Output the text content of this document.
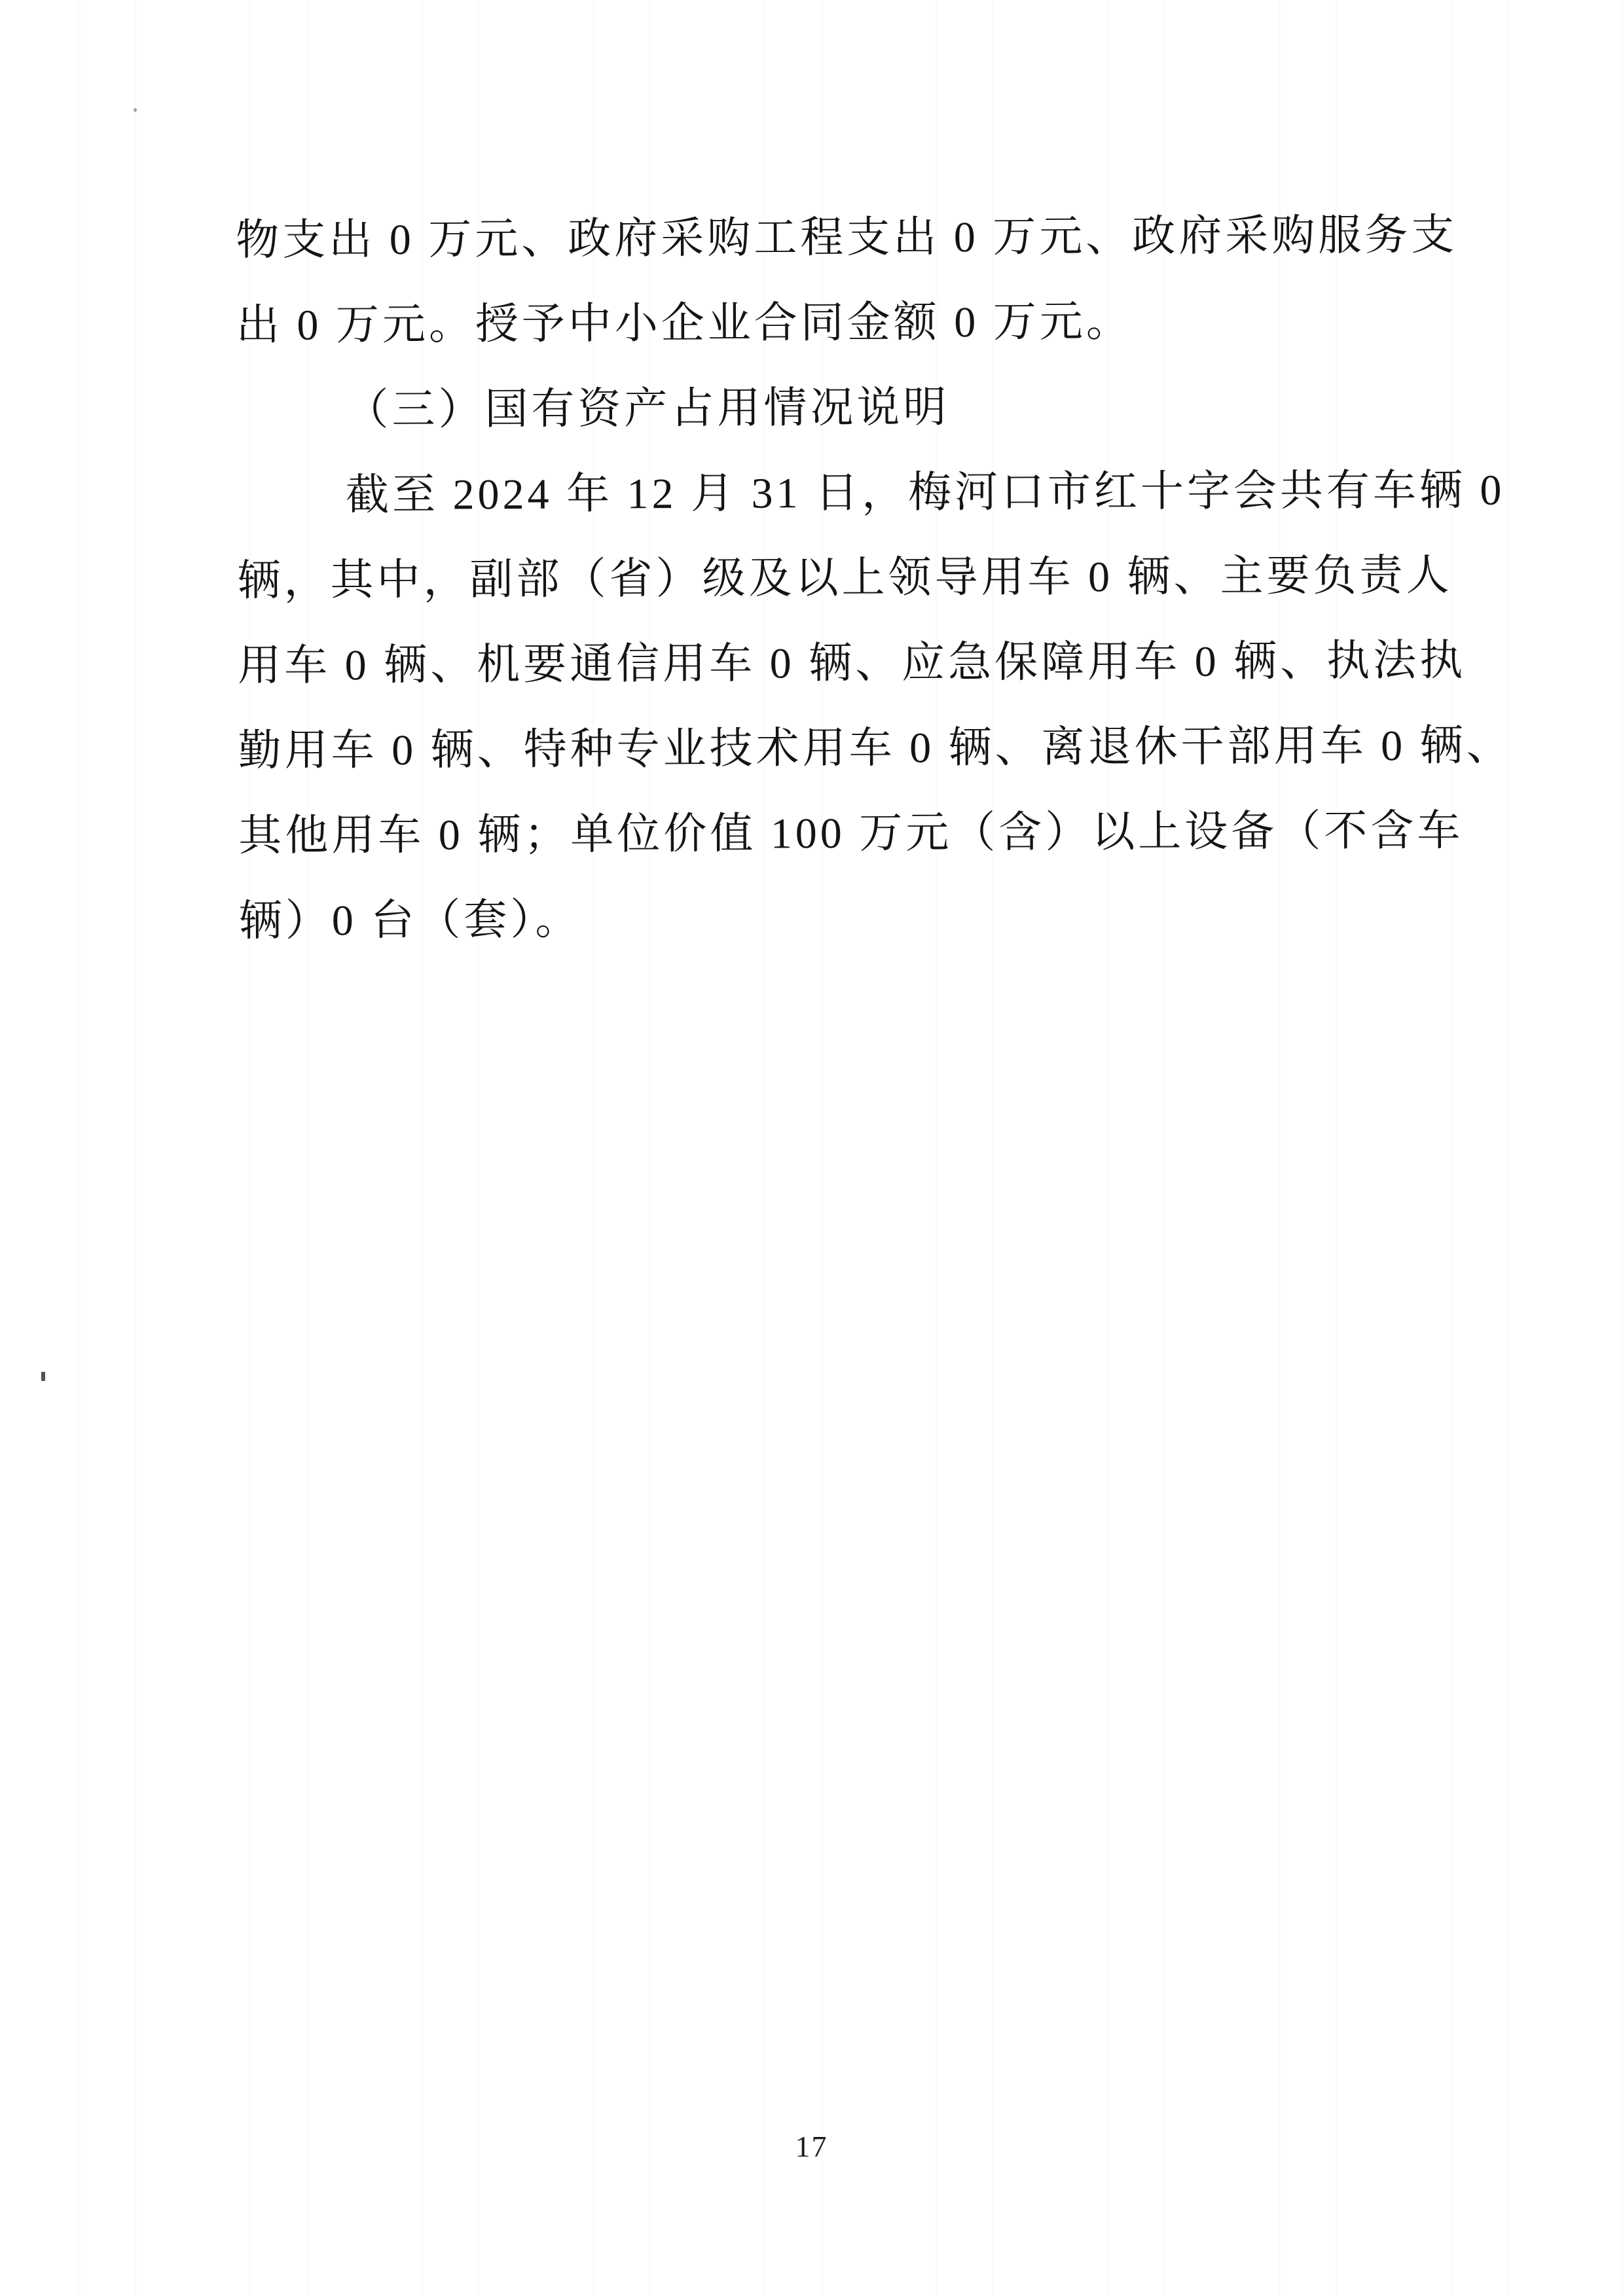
物支出 0 万元、政府采购工程支出 0 万元、政府采购服务支
出 0 万元。授予中小企业合同金额 0 万元。
（三）国有资产占用情况说明
截至 2024 年 12 月 31 日，梅河口市红十字会共有车辆 0
辆，其中，副部（省）级及以上领导用车 0 辆、主要负责人
用车 0 辆、机要通信用车 0 辆、应急保障用车 0 辆、执法执
勤用车 0 辆、特种专业技术用车 0 辆、离退休干部用车 0 辆、
其他用车 0 辆；单位价值 100 万元（含）以上设备（不含车
辆）0 台（套）。
17
